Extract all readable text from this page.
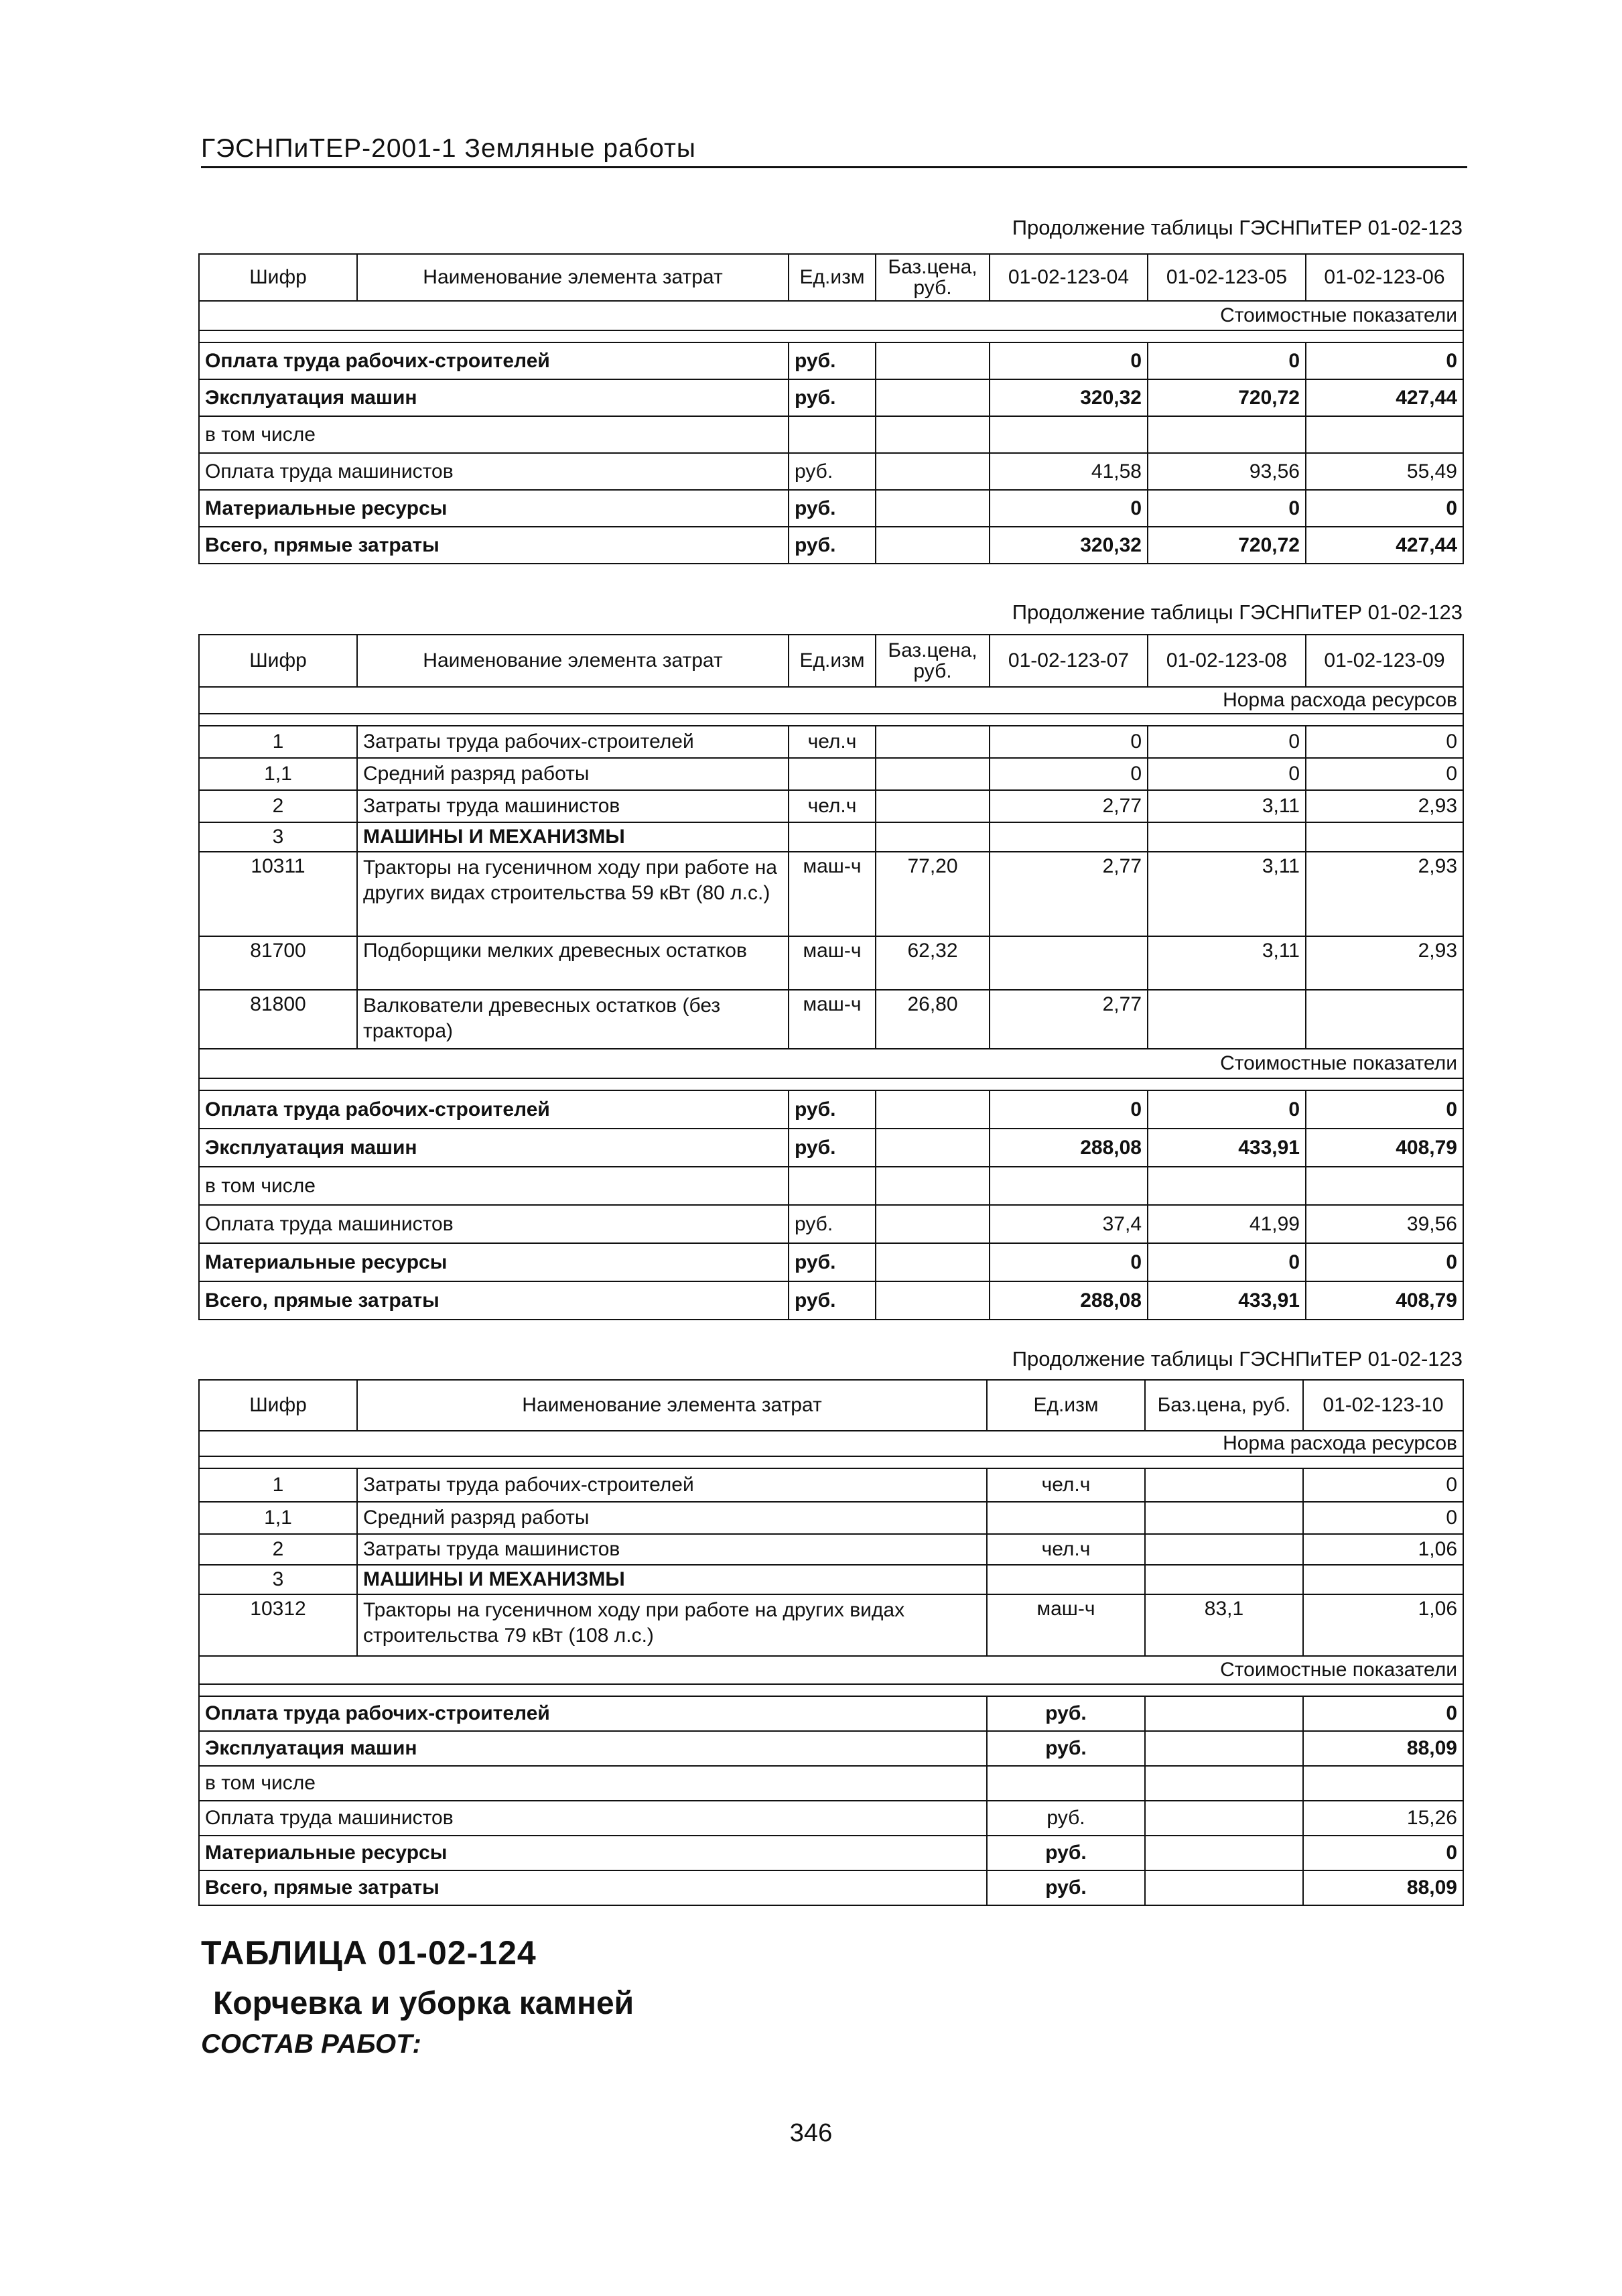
ГЭСНПиТЕР-2001-1 Земляные работы
Продолжение таблицы ГЭСНПиТЕР 01-02-123
Шифр	Наименование элемента затрат	Ед.изм	Баз.цена, руб.	01-02-123-04	01-02-123-05	01-02-123-06
Стоимостные показатели						

Оплата труда рабочих-строителей		руб.		0	0	0
Эксплуатация машин		руб.		320,32	720,72	427,44
в том числе						
Оплата труда машинистов		руб.		41,58	93,56	55,49
Материальные ресурсы		руб.		0	0	0
Всего, прямые затраты		руб.		320,32	720,72	427,44
Продолжение таблицы ГЭСНПиТЕР 01-02-123
Шифр	Наименование элемента затрат	Ед.изм	Баз.цена, руб.	01-02-123-07	01-02-123-08	01-02-123-09
Норма расхода ресурсов						

1	Затраты труда рабочих-строителей	чел.ч		0	0	0
1,1	Средний разряд работы			0	0	0
2	Затраты труда машинистов	чел.ч		2,77	3,11	2,93
3	МАШИНЫ И МЕХАНИЗМЫ					
10311	Тракторы на гусеничном ходу при работе на других видах строительства 59 кВт (80 л.с.)	маш-ч	77,20	2,77	3,11	2,93
81700	Подборщики мелких древесных остатков	маш-ч	62,32		3,11	2,93
81800	Валкователи древесных остатков (без трактора)	маш-ч	26,80	2,77		
Стоимостные показатели						

Оплата труда рабочих-строителей		руб.		0	0	0
Эксплуатация машин		руб.		288,08	433,91	408,79
в том числе						
Оплата труда машинистов		руб.		37,4	41,99	39,56
Материальные ресурсы		руб.		0	0	0
Всего, прямые затраты		руб.		288,08	433,91	408,79
Продолжение таблицы ГЭСНПиТЕР 01-02-123
Шифр	Наименование элемента затрат	Ед.изм	Баз.цена, руб.	01-02-123-10
Норма расхода ресурсов				

1	Затраты труда рабочих-строителей	чел.ч		0
1,1	Средний разряд работы			0
2	Затраты труда машинистов	чел.ч		1,06
3	МАШИНЫ И МЕХАНИЗМЫ			
10312	Тракторы на гусеничном ходу при работе на других видах строительства 79 кВт (108 л.с.)	маш-ч	83,1	1,06
Стоимостные показатели				

Оплата труда рабочих-строителей		руб.		0
Эксплуатация машин		руб.		88,09
в том числе				
Оплата труда машинистов		руб.		15,26
Материальные ресурсы		руб.		0
Всего, прямые затраты		руб.		88,09
ТАБЛИЦА 01-02-124
Корчевка и уборка камней
СОСТАВ РАБОТ:
346
